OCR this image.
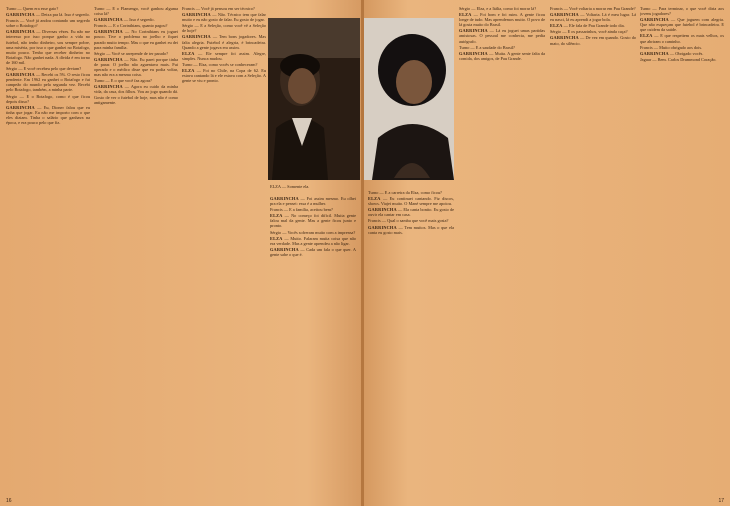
Turno — Quem era esse gaio?

GARRINCHA — Deixa pra lá. Isso é segredo.

Francis — Você já andou contando um segredo sobre o Botafogo?

GARRINCHA — Diversas vêzes. Eu não me interesso por isso porque ganho a vida no futebol, não tenho dinheiro, sou sempre pobre, uma miséria, por isso o que ganhei no Botafogo, muito pouco. Tenho que receber dinheiro no Botafogo. Não ganhei nada. A dívida é em torno de 160 mil.

Sérgio — E você recebeu pelo que deviam?

GARRINCHA — Recebi os 5%. O resto ficou pendente. Em 1962 eu ganhei o Botafogo e fui campeão do mundo pela segunda vez. Recebi pelo Botafogo, também, a minha parte.

Sérgio — E o Botafogo, como é que ficou depois disso?

GARRINCHA — Eu, Dioner falou que eu tinha que jogar. Eu não me importo com o que eles diziam. Tinha o salário que ganhava na época, e era pouco pelo que fiz.

Turno — E o Flamengo, você ganhou alguma coisa lá?

GARRINCHA — Isso é segredo.

Francis — E o Corinthians, quanto pagou?

GARRINCHA — No Corinthians eu joguei pouco. Tive o problema no joelho e fiquei parado muito tempo. Mas o que eu ganhei eu dei para minha família.

Sérgio — Você se arrepende de ter parado?

GARRINCHA — Não. Eu parei porque tinha de parar. O joelho não aguentava mais. Fui operado e o médico disse que eu podia voltar, mas não era a mesma coisa.

Turno — E o que você faz agora?

GARRINCHA — Agora eu cuido da minha vida, da casa, dos filhos. Vou ao jogo quando dá. Gosto de ver o futebol de hoje, mas não é como antigamente.

Francis — Você já pensou em ser técnico?

GARRINCHA — Não. Técnico tem que falar muito e eu não gosto de falar. Eu gosto de jogar.

Sérgio — E a Seleção, como você vê a Seleção de hoje?

GARRINCHA — Tem bons jogadores. Mas falta alegria. Futebol é alegria, é brincadeira. Quando a gente jogava era assim.

ELZA — Ele sempre foi assim. Alegre, simples. Nunca mudou.

Turno — Elza, como vocês se conheceram?

ELZA — Foi no Chile, na Copa de 62. Eu estava cantando lá e ele estava com a Seleção. A gente se viu e pronto.

GARRINCHA — Foi assim mesmo. Eu olhei pra ela e pensei: essa é a mulher.

Francis — E a família, aceitou bem?

ELZA — No começo foi difícil. Muita gente falou mal da gente. Mas a gente ficou junto e pronto.

Sérgio — Vocês sofreram muito com a imprensa?

ELZA — Muito. Falaram muita coisa que não era verdade. Mas a gente aprendeu a não ligar.

GARRINCHA — Cada um fala o que quer. A gente sabe o que é.

ELZA — Somente ela.
16

Turno — E a carreira da Elza, como ficou?

ELZA — Eu continuei cantando. Fiz discos, shows. Viajei muito. O Mané sempre me apoiou.

GARRINCHA — Ela canta bonito. Eu gosto de ouvir ela cantar em casa.

Francis — Qual o samba que você mais gosta?

GARRINCHA — Tem muitos. Mas o que ela canta eu gosto mais.

Sérgio — Elza, e a Itália, como foi morar lá?

ELZA — Foi bom e foi ruim. A gente ficou longe de tudo. Mas aprendemos muito. O povo de lá gosta muito do Brasil.

GARRINCHA — Lá eu joguei umas partidas amistosas. O pessoal me conhecia, me pedia autógrafo.

Turno — E a saudade do Brasil?

GARRINCHA — Muita. A gente sente falta da comida, dos amigos, de Pau Grande.

Francis — Você voltaria a morar em Pau Grande?

GARRINCHA — Voltaria. Lá é meu lugar. Lá eu nasci, lá eu aprendi a jogar bola.

ELZA — Ele fala de Pau Grande todo dia.

Sérgio — E os passarinhos, você ainda caça?

GARRINCHA — De vez em quando. Gosto do mato, do silêncio.

Turno — Para terminar, o que você diria aos jovens jogadores?

GARRINCHA — Que joguem com alegria. Que não esqueçam que futebol é brincadeira. E que cuidem da saúde.

ELZA — E que respeitem os mais velhos, os que abriram o caminho.

Francis — Muito obrigado aos dois.

GARRINCHA — Obrigado vocês.

Jaguar — Bem. Carlos Drummond Coração.

17
